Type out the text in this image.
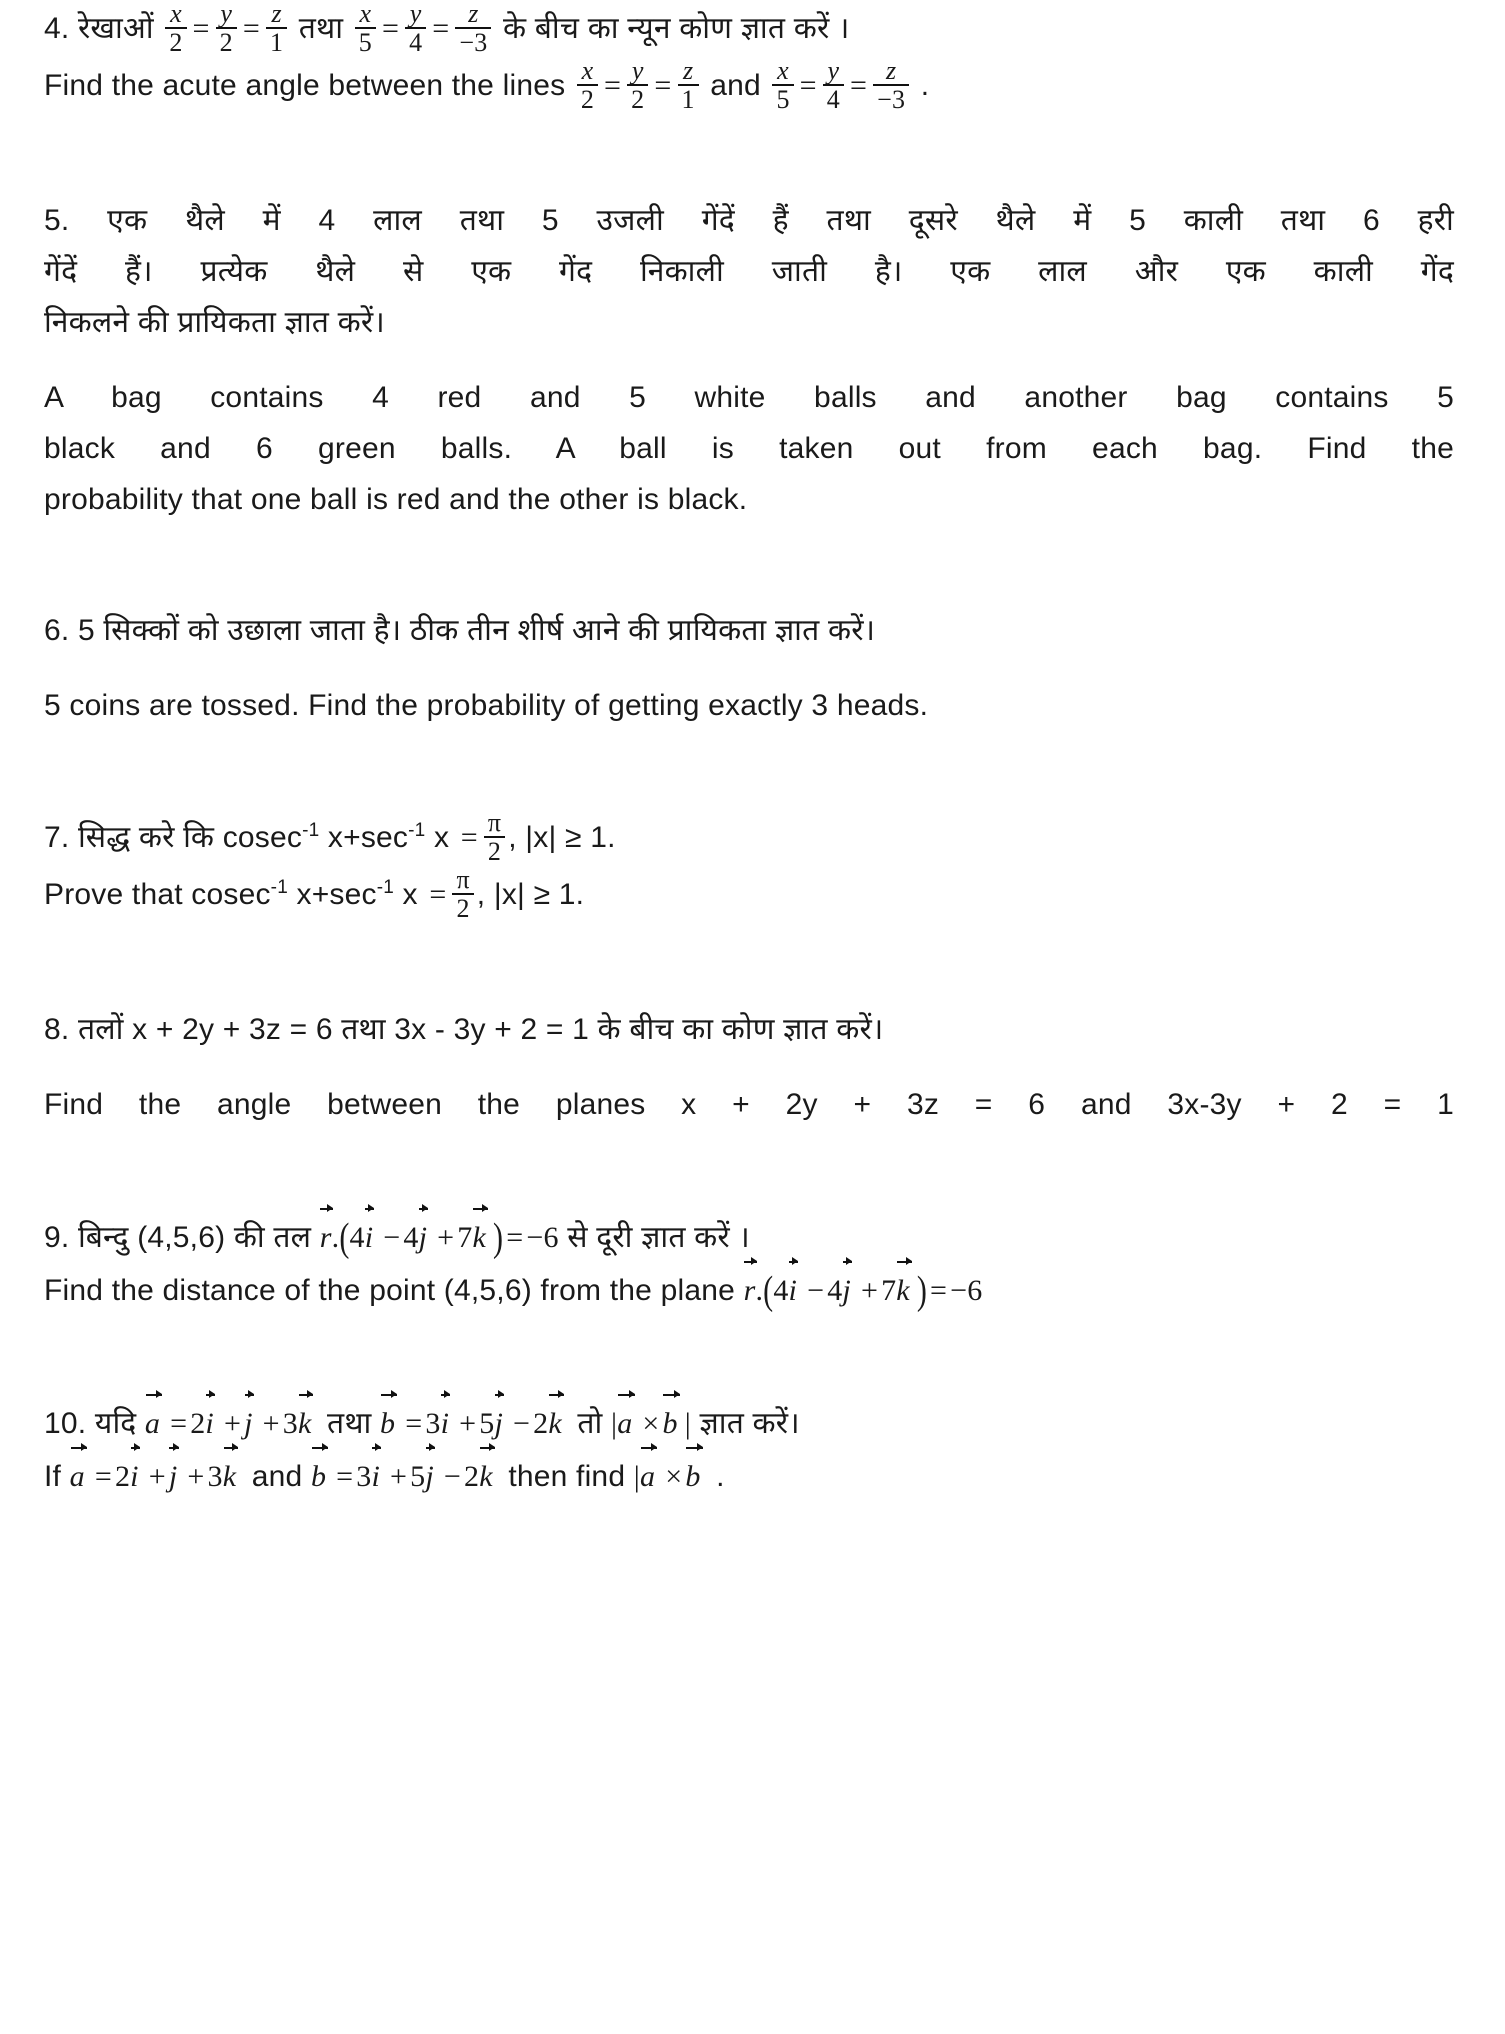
4. रेखाओं $\frac{x}{2} = \frac{y}{2} = \frac{z}{1}$ तथा $\frac{x}{5} = \frac{y}{4} = \frac{z}{-3}$ के बीच का न्यून कोण ज्ञात करें ।
Find the acute angle between the lines $\frac{x}{2} = \frac{y}{2} = \frac{z}{1}$ and $\frac{x}{5} = \frac{y}{4} = \frac{z}{-3}$ .
5. एक थैले में 4 लाल तथा 5 उजली गेंदें हैं तथा दूसरे थैले में 5 काली तथा 6 हरी
गेंदें हैं। प्रत्येक थैले से एक गेंद निकाली जाती है। एक लाल और एक काली गेंद
निकलने की प्रायिकता ज्ञात करें।
A bag contains 4 red and 5 white balls and another bag contains 5
black and 6 green balls. A ball is taken out from each bag. Find the
probability that one ball is red and the other is black.
6. 5 सिक्कों को उछाला जाता है। ठीक तीन शीर्ष आने की प्रायिकता ज्ञात करें।
5 coins are tossed. Find the probability of getting exactly 3 heads.
7. सिद्ध करे कि cosec$^{-1}$ $x+\sec^{-1}$ $x = \frac{\pi}{2}$ , |x| ≥ 1.
Prove that cosec$^{-1}$ $x+\sec^{-1}$ $x = \frac{\pi}{2}$ , |x| ≥ 1.
8. तलों x + 2y + 3z = 6 तथा 3x - 3y + 2 = 1 के बीच का कोण ज्ञात करें।
Find the angle between the planes x + 2y + 3z = 6 and 3x-3y + 2 = 1
9. बिन्दु (4,5,6) की तल r.(4i − 4j + 7k ) = −6 से दूरी ज्ञात करें ।
Find the distance of the point (4,5,6) from the plane r.(4i − 4j + 7k ) = −6
10. यदि a = 2i + j + 3k तथा b = 3i + 5j − 2k तो |a × b | ज्ञात करें।
If a = 2i + j + 3k and b = 3i + 5j − 2k then find |a × b .
